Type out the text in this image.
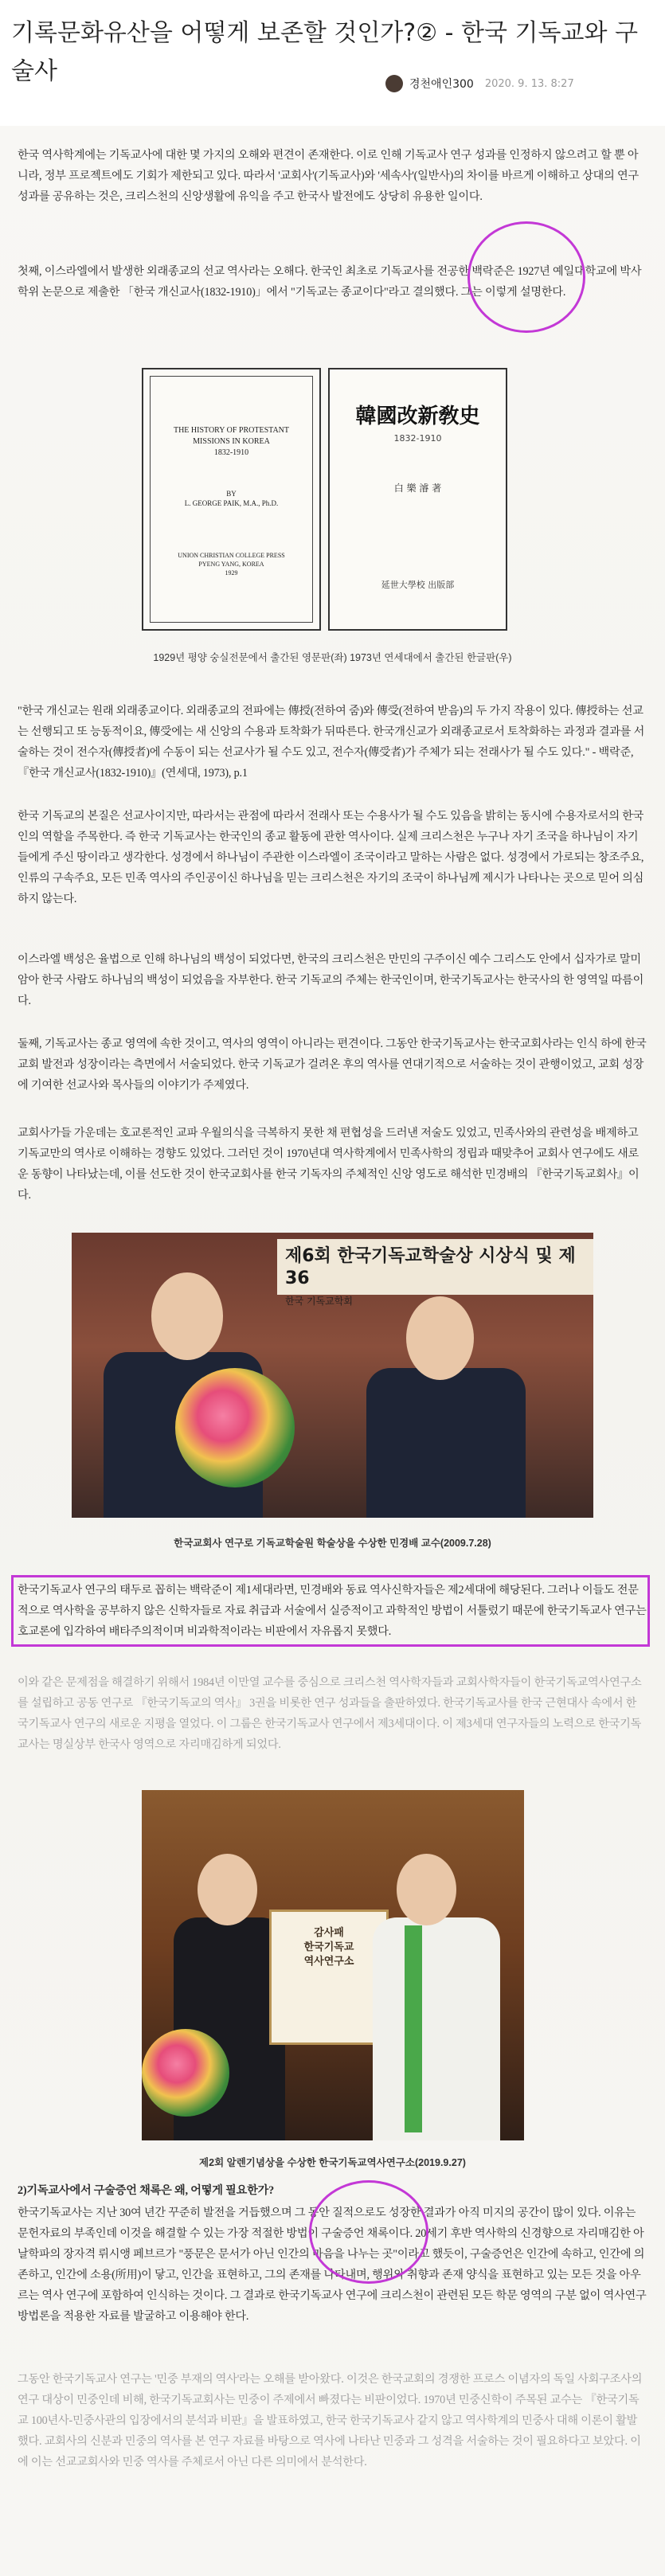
기록문화유산을 어떻게 보존할 것인가?② - 한국 기독교와 구술사	경천애인300 2020. 9. 13. 8:27

한국 역사학계에는 기독교사에 대한 몇 가지의 오해와 편견이 존재한다. 이로 인해 기독교사 연구 성과를 인정하지 않으려고 할 뿐 아니라, 정부 프로젝트에도 기회가 제한되고 있다. 따라서 '교회사'(기독교사)와 '세속사'(일반사)의 차이를 바르게 이해하고 상대의 연구 성과를 공유하는 것은, 크리스천의 신앙생활에 유익을 주고 한국사 발전에도 상당히 유용한 일이다.

첫째, 이스라엘에서 발생한 외래종교의 선교 역사라는 오해다. 한국인 최초로 기독교사를 전공한 백락준은 1927년 예일대학교에 박사학위 논문으로 제출한 「한국 개신교사(1832-1910)」에서 "기독교는 종교이다"라고 결의했다. 그는 이렇게 설명한다.

THE HISTORY OF PROTESTANT MISSIONS IN KOREA
1832-1910
BY
L. GEORGE PAIK, M.A., Ph.D.
UNION CHRISTIAN COLLEGE PRESS
PYENG YANG, KOREA
1929
韓國改新敎史
1832-1910
白 樂 濬 著
延世大學校 出版部
1929년 평양 숭실전문에서 출간된 영문판(좌) 1973년 연세대에서 출간된 한글판(우)

"한국 개신교는 원래 외래종교이다. 외래종교의 전파에는 傳授(전하여 줌)와 傳受(전하여 받음)의 두 가지 작용이 있다. 傳授하는 선교는 선행되고 또 능동적이요, 傳受에는 새 신앙의 수용과 토착화가 뒤따른다. 한국개신교가 외래종교로서 토착화하는 과정과 결과를 서술하는 것이 전수자(傳授者)에 수동이 되는 선교사가 될 수도 있고, 전수자(傳受者)가 주체가 되는 전래사가 될 수도 있다." - 백락준, 『한국 개신교사(1832-1910)』(연세대, 1973), p.1

한국 기독교의 본질은 선교사이지만, 따라서는 관점에 따라서 전래사 또는 수용사가 될 수도 있음을 밝히는 동시에 수용자로서의 한국인의 역할을 주목한다. 즉 한국 기독교사는 한국인의 종교 활동에 관한 역사이다. 실제 크리스천은 누구나 자기 조국을 하나님이 자기들에게 주신 땅이라고 생각한다. 성경에서 하나님이 주관한 이스라엘이 조국이라고 말하는 사람은 없다. 성경에서 가로되는 창조주요, 인류의 구속주요, 모든 민족 역사의 주인공이신 하나님을 믿는 크리스천은 자기의 조국이 하나님께 제시가 나타나는 곳으로 믿어 의심하지 않는다.

이스라엘 백성은 율법으로 인해 하나님의 백성이 되었다면, 한국의 크리스천은 만민의 구주이신 예수 그리스도 안에서 십자가로 말미암아 한국 사람도 하나님의 백성이 되었음을 자부한다. 한국 기독교의 주체는 한국인이며, 한국기독교사는 한국사의 한 영역일 따름이다.

둘째, 기독교사는 종교 영역에 속한 것이고, 역사의 영역이 아니라는 편견이다. 그동안 한국기독교사는 한국교회사라는 인식 하에 한국교회 발전과 성장이라는 측면에서 서술되었다. 한국 기독교가 걸려온 후의 역사를 연대기적으로 서술하는 것이 관행이었고, 교회 성장에 기여한 선교사와 목사들의 이야기가 주제였다.

교회사가들 가운데는 호교론적인 교파 우월의식을 극복하지 못한 채 편협성을 드러낸 저술도 있었고, 민족사와의 관련성을 배제하고 기독교만의 역사로 이해하는 경향도 있었다. 그러던 것이 1970년대 역사학계에서 민족사학의 정립과 때맞추어 교회사 연구에도 새로운 동향이 나타났는데, 이를 선도한 것이 한국교회사를 한국 기독자의 주체적인 신앙 영도로 해석한 민경배의 『한국기독교회사』이다.

제6회 한국기독교학술상 시상식 및 제36
한국 기독교학회
한국교회사 연구로 기독교학술원 학술상을 수상한 민경배 교수(2009.7.28)

한국기독교사 연구의 태두로 꼽히는 백락준이 제1세대라면, 민경배와 동료 역사신학자들은 제2세대에 해당된다. 그러나 이들도 전문적으로 역사학을 공부하지 않은 신학자들로 자료 취급과 서술에서 실증적이고 과학적인 방법이 서툴렀기 때문에 한국기독교사 연구는 호교론에 입각하여 배타주의적이며 비과학적이라는 비판에서 자유롭지 못했다.

이와 같은 문제점을 해결하기 위해서 1984년 이만열 교수를 중심으로 크리스천 역사학자들과 교회사학자들이 한국기독교역사연구소를 설립하고 공동 연구로 『한국기독교의 역사』 3권을 비롯한 연구 성과들을 출판하였다. 한국기독교사를 한국 근현대사 속에서 한국기독교사 연구의 새로운 지평을 열었다. 이 그룹은 한국기독교사 연구에서 제3세대이다. 이 제3세대 연구자들의 노력으로 한국기독교사는 명실상부 한국사 영역으로 자리매김하게 되었다.

감사패
한국기독교
역사연구소
제2회 알렌기념상을 수상한 한국기독교역사연구소(2019.9.27)

2)기독교사에서 구술증언 채록은 왜, 어떻게 필요한가?

한국기독교사는 지난 30여 년간 꾸준히 발전을 거듭했으며 그 동안 질적으로도 성장한 결과가 아직 미지의 공간이 많이 있다. 이유는 문헌자료의 부족인데 이것을 해결할 수 있는 가장 적절한 방법이 구술증언 채록이다. 20세기 후반 역사학의 신경향으로 자리매김한 아날학파의 장자격 뤼시앵 페브르가 "풍문은 문서가 아닌 인간의 마음을 나누는 곳"이라고 했듯이, 구술증언은 인간에 속하고, 인간에 의존하고, 인간에 소용(所用)이 닿고, 인간을 표현하고, 그의 존재를 나타내며, 행위와 취향과 존재 양식을 표현하고 있는 모든 것을 아우르는 역사 연구에 포함하여 인식하는 것이다. 그 결과로 한국기독교사 연구에 크리스천이 관련된 모든 학문 영역의 구분 없이 역사연구 방법론을 적용한 자료를 발굴하고 이용해야 한다.

그동안 한국기독교사 연구는 '민중 부재의 역사'라는 오해를 받아왔다. 이것은 한국교회의 경쟁한 프로스 이념자의 독일 사회구조사의 연구 대상이 민중인데 비해, 한국기독교회사는 민중이 주제에서 빠졌다는 비판이었다. 1970년 민중신학이 주목된 교수는 『한국기독교 100년사-민중사관의 입장에서의 분석과 비판』을 발표하였고, 한국 한국기독교사 같지 않고 역사학계의 민중사 대해 이론이 활발했다. 교회사의 신분과 민중의 역사를 본 연구 자료를 바탕으로 역사에 나타난 민중과 그 성격을 서술하는 것이 필요하다고 보았다. 이에 이는 선교교회사와 민중 역사를 주체로서 아닌 다른 의미에서 분석한다.
